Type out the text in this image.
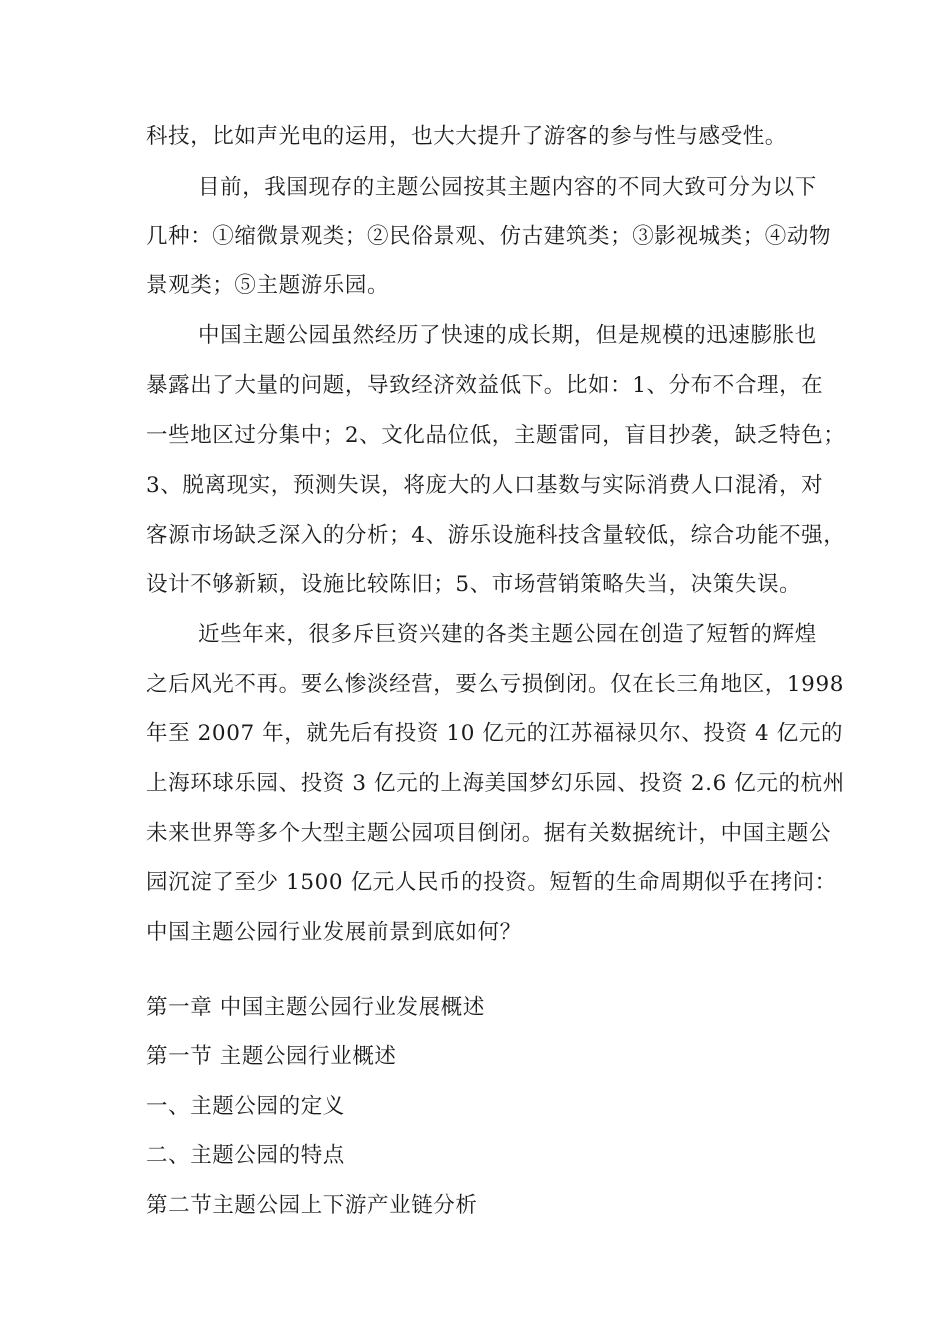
科技，比如声光电的运用，也大大提升了游客的参与性与感受性。
目前，我国现存的主题公园按其主题内容的不同大致可分为以下
几种：①缩微景观类；②民俗景观、仿古建筑类；③影视城类；④动物
景观类；⑤主题游乐园。
中国主题公园虽然经历了快速的成长期，但是规模的迅速膨胀也
暴露出了大量的问题，导致经济效益低下。比如：1、分布不合理，在
一些地区过分集中；2、文化品位低，主题雷同，盲目抄袭，缺乏特色；
3、脱离现实，预测失误，将庞大的人口基数与实际消费人口混淆，对
客源市场缺乏深入的分析；4、游乐设施科技含量较低，综合功能不强，
设计不够新颖，设施比较陈旧；5、市场营销策略失当，决策失误。
近些年来，很多斥巨资兴建的各类主题公园在创造了短暂的辉煌
之后风光不再。要么惨淡经营，要么亏损倒闭。仅在长三角地区，1998
年至 2007 年，就先后有投资 10 亿元的江苏福禄贝尔、投资 4 亿元的
上海环球乐园、投资 3 亿元的上海美国梦幻乐园、投资 2.6 亿元的杭州
未来世界等多个大型主题公园项目倒闭。据有关数据统计，中国主题公
园沉淀了至少 1500 亿元人民币的投资。短暂的生命周期似乎在拷问：
中国主题公园行业发展前景到底如何？
第一章 中国主题公园行业发展概述
第一节 主题公园行业概述
一、主题公园的定义
二、主题公园的特点
第二节主题公园上下游产业链分析
